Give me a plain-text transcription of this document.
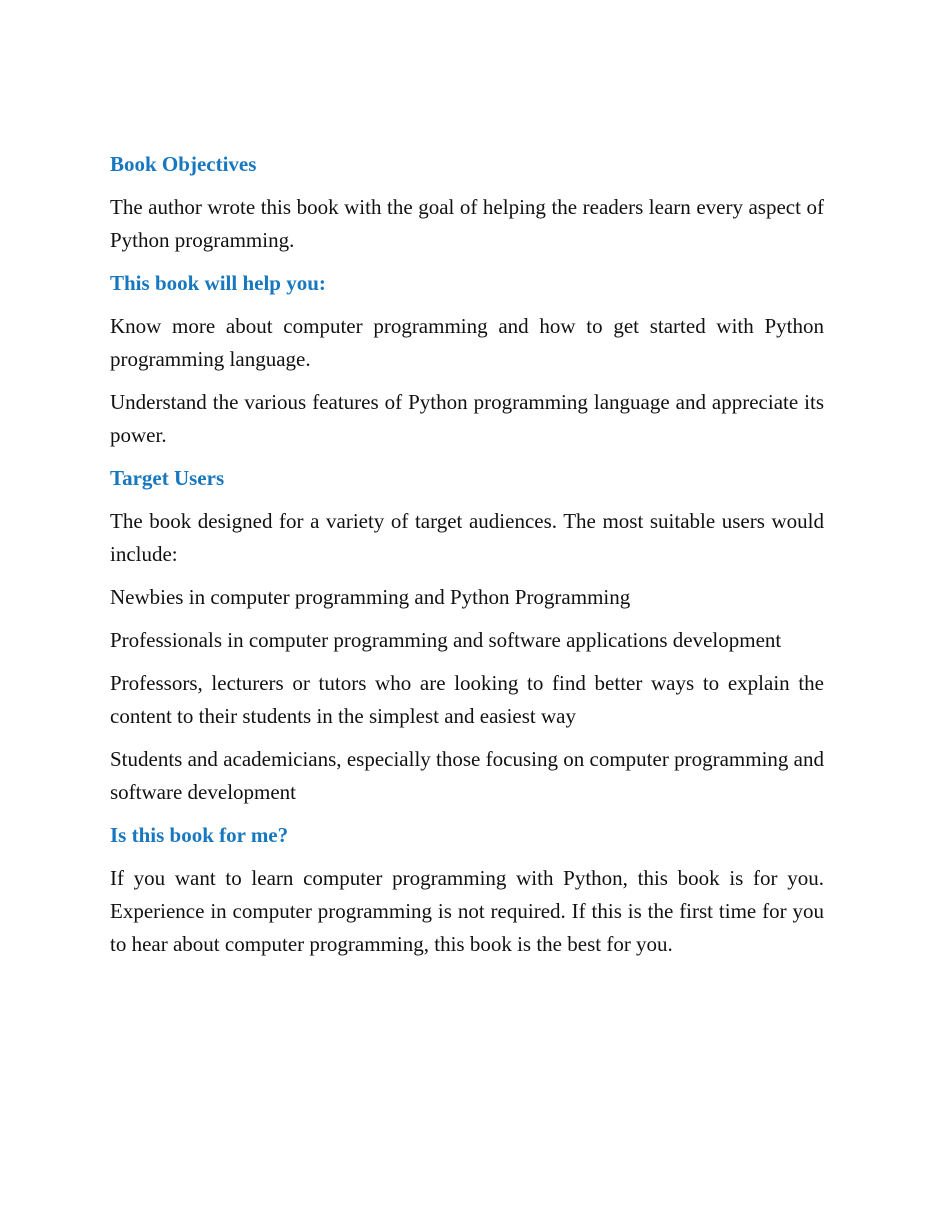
Book Objectives

The author wrote this book with the goal of helping the readers learn every aspect of Python programming.

This book will help you:

Know more about computer programming and how to get started with Python programming language.

Understand the various features of Python programming language and appreciate its power.

Target Users

The book designed for a variety of target audiences. The most suitable users would include:

Newbies in computer programming and Python Programming

Professionals in computer programming and software applications development

Professors, lecturers or tutors who are looking to find better ways to explain the content to their students in the simplest and easiest way

Students and academicians, especially those focusing on computer programming and software development

Is this book for me?

If you want to learn computer programming with Python, this book is for you. Experience in computer programming is not required. If this is the first time for you to hear about computer programming, this book is the best for you.
